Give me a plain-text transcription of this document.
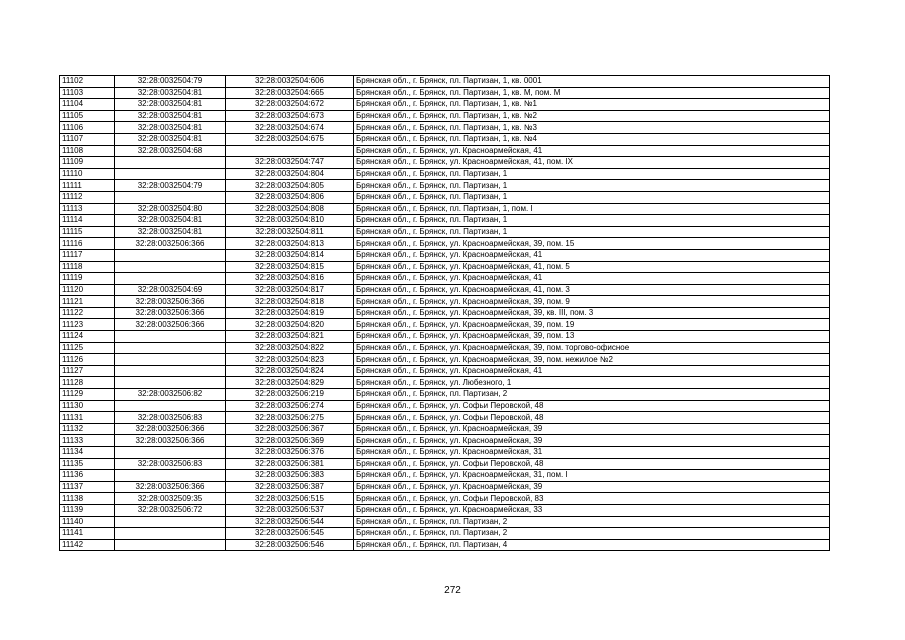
11102	32:28:0032504:79	32:28:0032504:606	Брянская обл., г. Брянск, пл. Партизан, 1, кв. 0001
11103	32:28:0032504:81	32:28:0032504:665	Брянская обл., г. Брянск, пл. Партизан, 1, кв. М, пом. М
11104	32:28:0032504:81	32:28:0032504:672	Брянская обл., г. Брянск, пл. Партизан, 1, кв. №1
11105	32:28:0032504:81	32:28:0032504:673	Брянская обл., г. Брянск, пл. Партизан, 1, кв. №2
11106	32:28:0032504:81	32:28:0032504:674	Брянская обл., г. Брянск, пл. Партизан, 1, кв. №3
11107	32:28:0032504:81	32:28:0032504:675	Брянская обл., г. Брянск, пл. Партизан, 1, кв. №4
11108	32:28:0032504:68		Брянская обл., г. Брянск, ул. Красноармейская, 41
11109		32:28:0032504:747	Брянская обл., г. Брянск, ул. Красноармейская, 41, пом. IX
11110		32:28:0032504:804	Брянская обл., г. Брянск, пл. Партизан, 1
11111	32:28:0032504:79	32:28:0032504:805	Брянская обл., г. Брянск, пл. Партизан, 1
11112		32:28:0032504:806	Брянская обл., г. Брянск, пл. Партизан, 1
11113	32:28:0032504:80	32:28:0032504:808	Брянская обл., г. Брянск, пл. Партизан, 1, пом. I
11114	32:28:0032504:81	32:28:0032504:810	Брянская обл., г. Брянск, пл. Партизан, 1
11115	32:28:0032504:81	32:28:0032504:811	Брянская обл., г. Брянск, пл. Партизан, 1
11116	32:28:0032506:366	32:28:0032504:813	Брянская обл., г. Брянск, ул. Красноармейская, 39, пом. 15
11117		32:28:0032504:814	Брянская обл., г. Брянск, ул. Красноармейская, 41
11118		32:28:0032504:815	Брянская обл., г. Брянск, ул. Красноармейская, 41, пом. 5
11119		32:28:0032504:816	Брянская обл., г. Брянск, ул. Красноармейская, 41
11120	32:28:0032504:69	32:28:0032504:817	Брянская обл., г. Брянск, ул. Красноармейская, 41, пом. 3
11121	32:28:0032506:366	32:28:0032504:818	Брянская обл., г. Брянск, ул. Красноармейская, 39, пом. 9
11122	32:28:0032506:366	32:28:0032504:819	Брянская обл., г. Брянск, ул. Красноармейская, 39, кв. III, пом. 3
11123	32:28:0032506:366	32:28:0032504:820	Брянская обл., г. Брянск, ул. Красноармейская, 39, пом. 19
11124		32:28:0032504:821	Брянская обл., г. Брянск, ул. Красноармейская, 39, пом. 13
11125		32:28:0032504:822	Брянская обл., г. Брянск, ул. Красноармейская, 39, пом. торгово-офисное
11126		32:28:0032504:823	Брянская обл., г. Брянск, ул. Красноармейская, 39, пом. нежилое №2
11127		32:28:0032504:824	Брянская обл., г. Брянск, ул. Красноармейская, 41
11128		32:28:0032504:829	Брянская обл., г. Брянск, ул. Любезного, 1
11129	32:28:0032506:82	32:28:0032506:219	Брянская обл., г. Брянск, пл. Партизан, 2
11130		32:28:0032506:274	Брянская обл., г. Брянск, ул. Софьи Перовской, 48
11131	32:28:0032506:83	32:28:0032506:275	Брянская обл., г. Брянск, ул. Софьи Перовской, 48
11132	32:28:0032506:366	32:28:0032506:367	Брянская обл., г. Брянск, ул. Красноармейская, 39
11133	32:28:0032506:366	32:28:0032506:369	Брянская обл., г. Брянск, ул. Красноармейская, 39
11134		32:28:0032506:376	Брянская обл., г. Брянск, ул. Красноармейская, 31
11135	32:28:0032506:83	32:28:0032506:381	Брянская обл., г. Брянск, ул. Софьи Перовской, 48
11136		32:28:0032506:383	Брянская обл., г. Брянск, ул. Красноармейская, 31, пом. I
11137	32:28:0032506:366	32:28:0032506:387	Брянская обл., г. Брянск, ул. Красноармейская, 39
11138	32:28:0032509:35	32:28:0032506:515	Брянская обл., г. Брянск, ул. Софьи Перовской, 83
11139	32:28:0032506:72	32:28:0032506:537	Брянская обл., г. Брянск, ул. Красноармейская, 33
11140		32:28:0032506:544	Брянская обл., г. Брянск, пл. Партизан, 2
11141		32:28:0032506:545	Брянская обл., г. Брянск, пл. Партизан, 2
11142		32:28:0032506:546	Брянская обл., г. Брянск, пл. Партизан, 4
272
